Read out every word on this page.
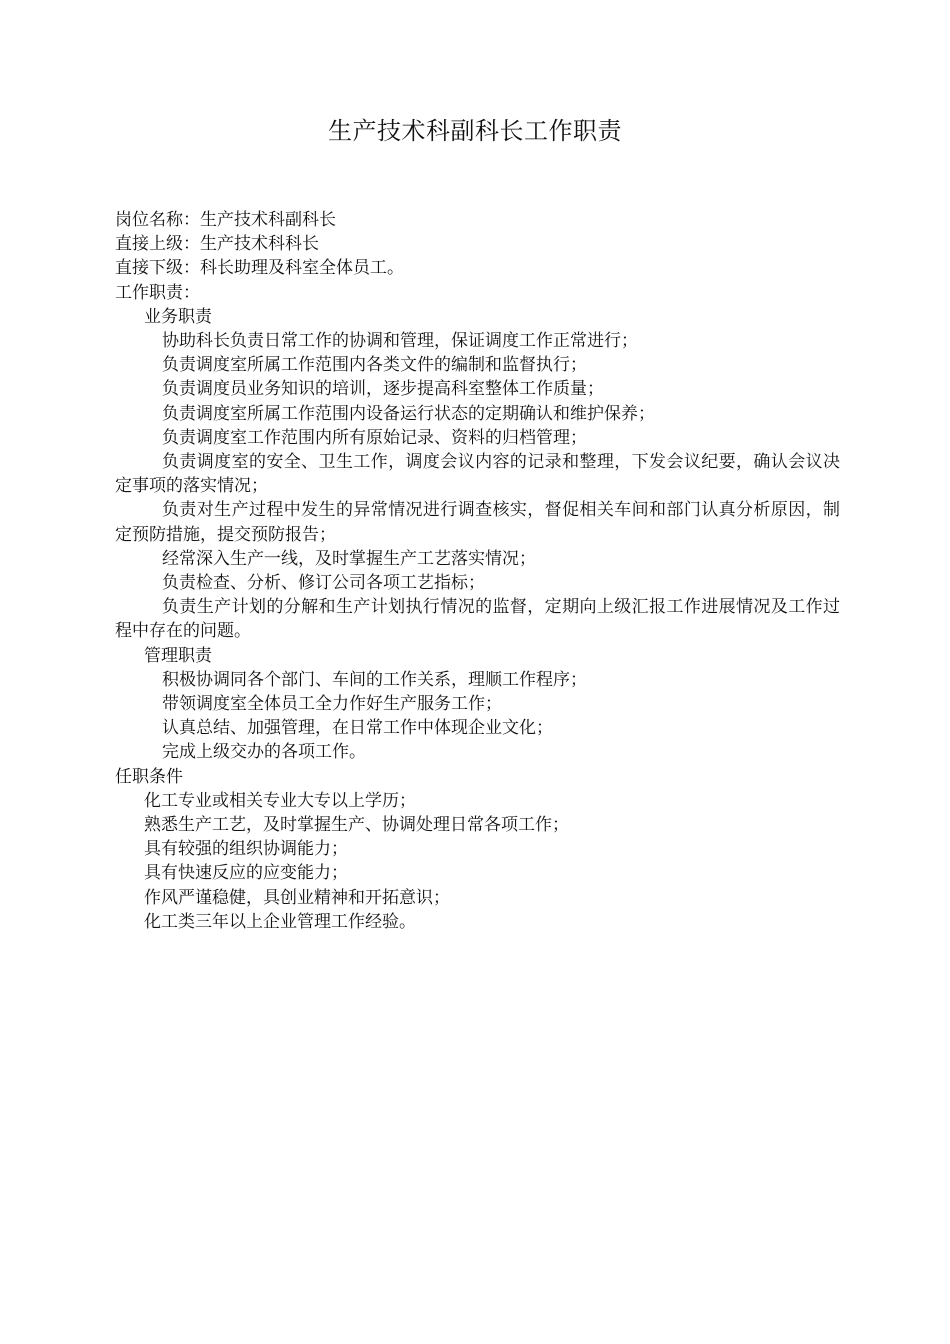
生产技术科副科长工作职责

岗位名称：生产技术科副科长

直接上级：生产技术科科长

直接下级：科长助理及科室全体员工。

工作职责：

业务职责

协助科长负责日常工作的协调和管理，保证调度工作正常进行；

负责调度室所属工作范围内各类文件的编制和监督执行；

负责调度员业务知识的培训，逐步提高科室整体工作质量；

负责调度室所属工作范围内设备运行状态的定期确认和维护保养；

负责调度室工作范围内所有原始记录、资料的归档管理；

负责调度室的安全、卫生工作，调度会议内容的记录和整理，下发会议纪要，确认会议决定事项的落实情况；

负责对生产过程中发生的异常情况进行调查核实，督促相关车间和部门认真分析原因，制定预防措施，提交预防报告；

经常深入生产一线，及时掌握生产工艺落实情况；

负责检查、分析、修订公司各项工艺指标；

负责生产计划的分解和生产计划执行情况的监督，定期向上级汇报工作进展情况及工作过程中存在的问题。

管理职责

积极协调同各个部门、车间的工作关系，理顺工作程序；

带领调度室全体员工全力作好生产服务工作；

认真总结、加强管理，在日常工作中体现企业文化；

完成上级交办的各项工作。

任职条件

化工专业或相关专业大专以上学历；

熟悉生产工艺，及时掌握生产、协调处理日常各项工作；

具有较强的组织协调能力；

具有快速反应的应变能力；

作风严谨稳健，具创业精神和开拓意识；

化工类三年以上企业管理工作经验。
